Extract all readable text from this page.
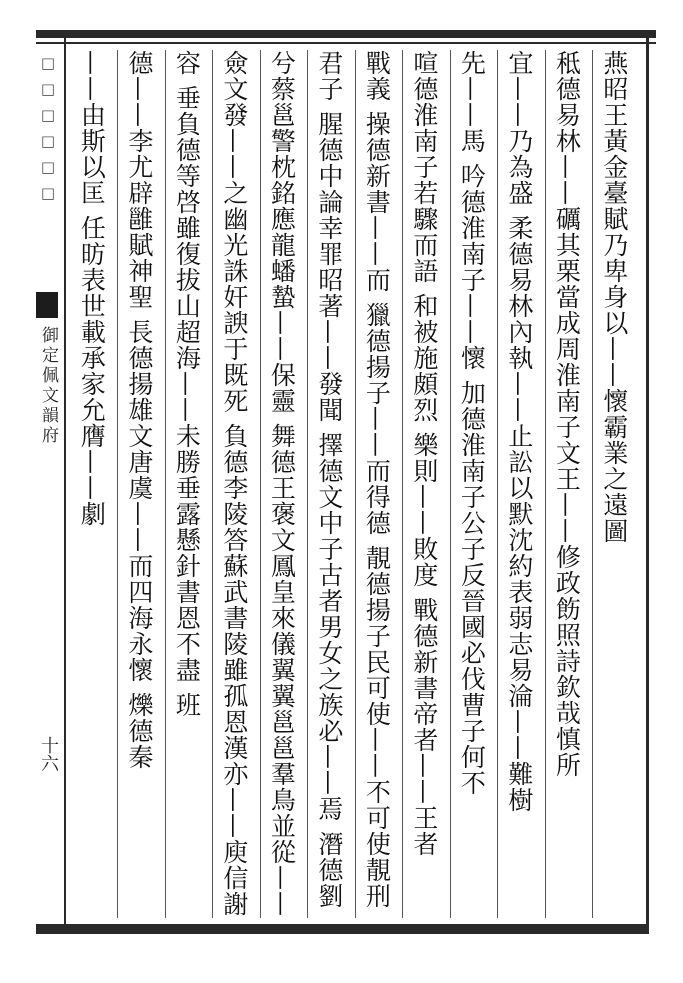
□□□□□□
御定佩文韻府
十六
燕昭王黃金臺賦乃卑身以——懷霸業之遠圖
秪德易林——礪其栗當成周淮南子文王——修政飭照詩欽哉慎所
宜——乃為盛 柔德易林內執——止訟以默沈約表弱志易淪——難樹
先——馬 吟德淮南子——懷 加德淮南子公子反晉國必伐曹子何不
喧德淮南子若驟而語 和被施頗烈 樂則——敗度 戰德新書帝者——王者
戰義 操德新書——而 獵德揚子——而得德 靚德揚子民可使——不可使靚刑
君子 腥德中論幸罪昭著——發聞 擇德文中子古者男女之族必——焉 潛德劉
兮蔡邕警枕銘應龍蟠蟄——保靈 舞德王褒文鳳皇來儀翼翼邕邕羣鳥並從——
僉文發——之幽光誅奸諛于既死 負德李陵答蘇武書陵雖孤恩漢亦——庾信謝
容 垂負德等啓雖復拔山超海——未勝垂露懸針書恩不盡 班
德——李尤辟雝賦神聖 長德揚雄文唐虞——而四海永懷 爍德秦
——由斯以匡 任昉表世載承家允膺——劇
